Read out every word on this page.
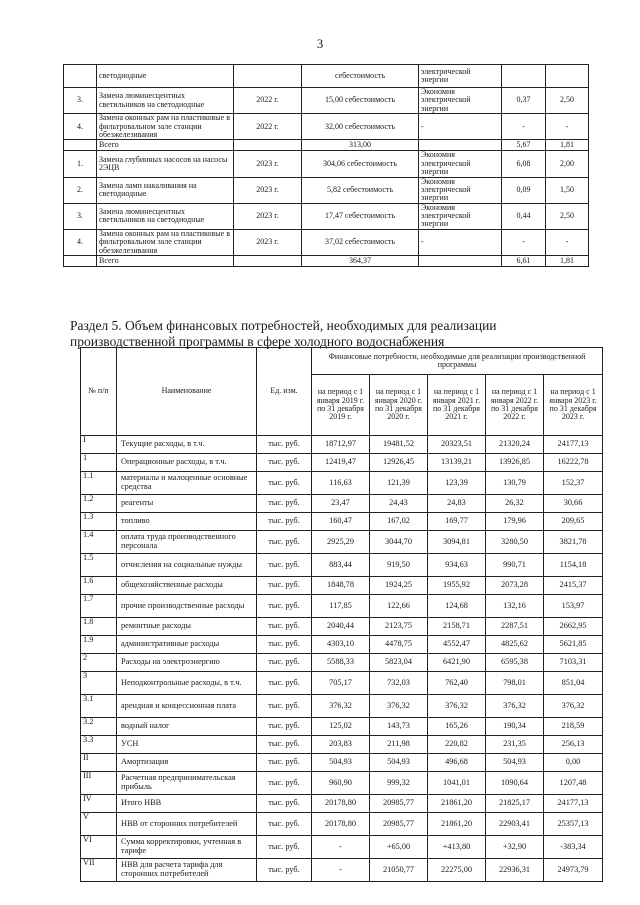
3
	светодиодные		себестоимость	электрической энергии		
3.	Замена люминесцентных светильников на светодиодные	2022 г.	15,00 себестоимость	Экономия электрической энергии	0,37	2,50
4.	Замена оконных рам на пластиковые в фильтровальном зале станции обезжелезивания	2022 г.	32,00 себестоимость	-	-	-
	Всего		313,00		5,67	1,81
1.	Замена глубинных насосов на насосы 2ЭЦВ	2023 г.	304,06 себестоимость	Экономия электрической энергии	6,08	2,00
2.	Замена ламп накаливания на светодиодные	2023 г.	5,82 себестоимость	Экономия электрической энергии	0,09	1,50
3.	Замена люминесцентных светильников на светодиодные	2023 г.	17,47 себестоимость	Экономия электрической энергии	0,44	2,50
4.	Замена оконных рам на пластиковые в фильтровальном зале станции обезжелезивания	2023 г.	37,02 себестоимость	-	-	-
	Всего		364,37		6,61	1,81
Раздел 5. Объем финансовых потребностей, необходимых для реализации производственной программы в сфере холодного водоснабжения
№ п/п	Наименование	Ед. изм.	Финансовые потребности, необходимые для реализации производственной программы				
			на период с 1 января 2019 г. по 31 декабря 2019 г.	на период с 1 января 2020 г. по 31 декабря 2020 г.	на период с 1 января 2021 г. по 31 декабря 2021 г.	на период с 1 января 2022 г. по 31 декабря 2022 г.	на период с 1 января 2023 г. по 31 декабря 2023 г.
I	Текущие расходы, в т.ч.	тыс. руб.	18712,97	19481,52	20323,51	21320,24	24177,13
1	Операционные расходы, в т.ч.	тыс. руб.	12419,47	12926,45	13139,21	13926,85	16222,78
1.1	материалы и малоценные основные средства	тыс. руб.	116,63	121,39	123,39	130,79	152,37
1.2	реагенты	тыс. руб.	23,47	24,43	24,83	26,32	30,66
1.3	топливо	тыс. руб.	160,47	167,02	169,77	179,96	209,65
1.4	оплата труда производственного персонала	тыс. руб.	2925,29	3044,70	3094,81	3280,50	3821,78
1.5	отчисления на социальные нужды	тыс. руб.	883,44	919,50	934,63	990,71	1154,18
1.6	общехозяйственные расходы	тыс. руб.	1848,78	1924,25	1955,92	2073,28	2415,37
1.7	прочие производственные расходы	тыс. руб.	117,85	122,66	124,68	132,16	153,97
1.8	ремонтные расходы	тыс. руб.	2040,44	2123,75	2158,71	2287,51	2662,95
1.9	административные расходы	тыс. руб.	4303,10	4478,75	4552,47	4825,62	5621,85
2	Расходы на электроэнергию	тыс. руб.	5588,33	5823,04	6421,90	6595,38	7103,31
3	Неподконтрольные расходы, в т.ч.	тыс. руб.	705,17	732,03	762,40	798,01	851,04
3.1	арендная и концессионная плата	тыс. руб.	376,32	376,32	376,32	376,32	376,32
3.2	водный налог	тыс. руб.	125,02	143,73	165,26	190,34	218,59
3.3	УСН	тыс. руб.	203,83	211,98	220,82	231,35	256,13
II	Амортизация	тыс. руб.	504,93	504,93	496,68	504,93	0,00
III	Расчетная предпринимательская прибыль	тыс. руб.	960,90	999,32	1041,01	1090,64	1207,48
IV	Итого НВВ	тыс. руб.	20178,80	20985,77	21861,20	21825,17	24177,13
V	НВВ от сторонних потребителей	тыс. руб.	20178,80	20985,77	21861,20	22903,41	25357,13
VI	Сумма корректировки, учтенная в тарифе	тыс. руб.	-	+65,00	+413,80	+32,90	-383,34
VII	НВВ для расчета тарифа для сторонних потребителей	тыс. руб.	-	21050,77	22275,00	22936,31	24973,79
